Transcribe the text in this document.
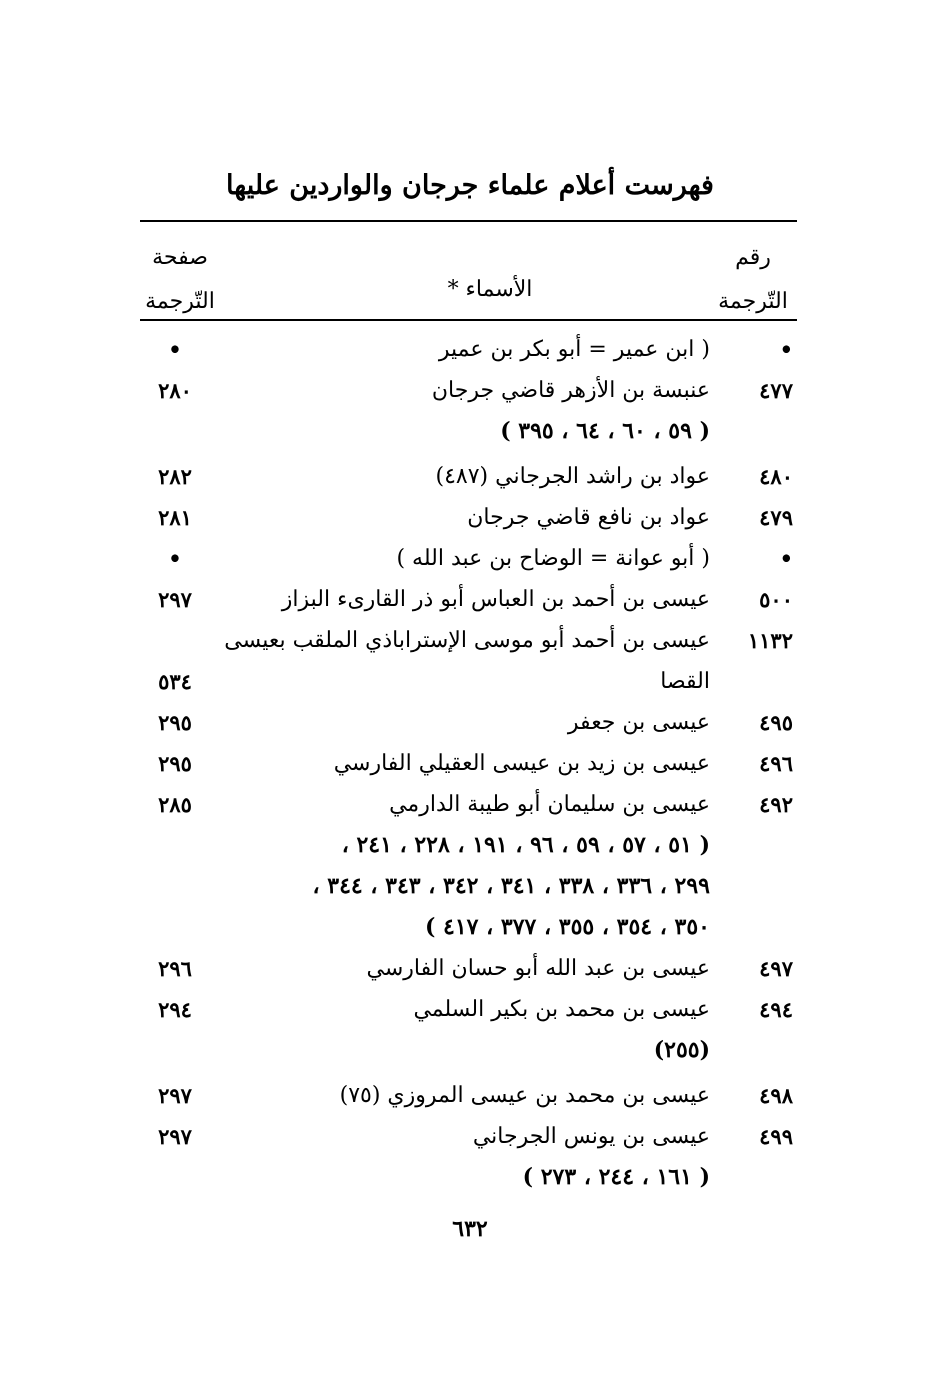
فهرست أعلام علماء جرجان والواردين عليها
رقم
التّرجمة
الأسماء *
صفحة
التّرجمة
•
( ابن عمير = أبو بكر بن عمير
•
٤٧٧
عنبسة بن الأزهر قاضي جرجان
( ٥٩ ، ٦٠ ، ٦٤ ، ٣٩٥ )
٢٨٠
٤٨٠
عواد بن راشد الجرجاني (٤٨٧)
٢٨٢
٤٧٩
عواد بن نافع قاضي جرجان
٢٨١
•
( أبو عوانة = الوضاح بن عبد الله )
•
٥٠٠
عيسى بن أحمد بن العباس أبو ذر القارىء البزاز
٢٩٧
١١٣٢
عيسى بن أحمد أبو موسى الإستراباذي الملقب بعيسى
القصا
٥٣٤
٤٩٥
عيسى بن جعفر
٢٩٥
٤٩٦
عيسى بن زيد بن عيسى العقيلي الفارسي
٢٩٥
٤٩٢
عيسى بن سليمان أبو طيبة الدارمي
( ٥١ ، ٥٧ ، ٥٩ ، ٩٦ ، ١٩١ ، ٢٢٨ ، ٢٤١ ،
٢٩٩ ، ٣٣٦ ، ٣٣٨ ، ٣٤١ ، ٣٤٢ ، ٣٤٣ ، ٣٤٤ ،
٣٥٠ ، ٣٥٤ ، ٣٥٥ ، ٣٧٧ ، ٤١٧ )
٢٨٥
٤٩٧
عيسى بن عبد الله أبو حسان الفارسي
٢٩٦
٤٩٤
عيسى بن محمد بن بكير السلمي
(٢٥٥)
٢٩٤
٤٩٨
عيسى بن محمد بن عيسى المروزي (٧٥)
٢٩٧
٤٩٩
عيسى بن يونس الجرجاني
( ١٦١ ، ٢٤٤ ، ٢٧٣ )
٢٩٧
٦٣٢
